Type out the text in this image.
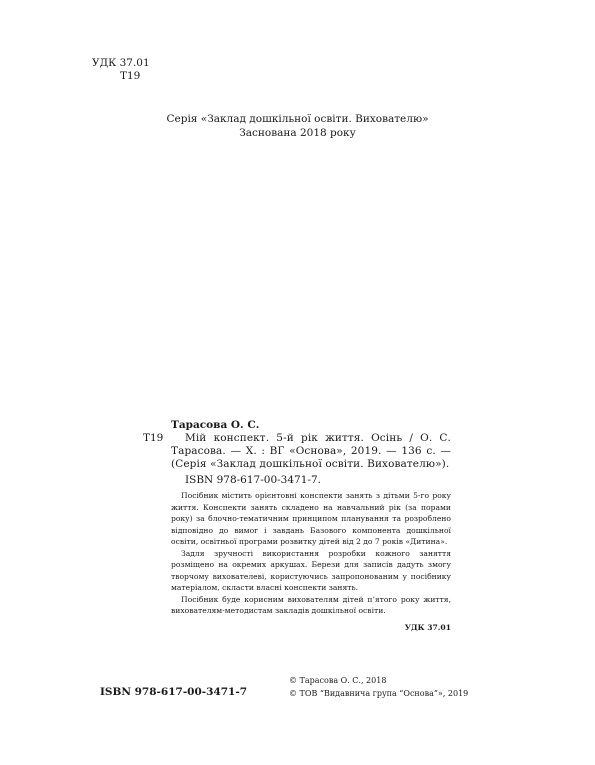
УДК 37.01
Т19
Серія «Заклад дошкільної освіти. Вихователю»
Заснована 2018 року
Т19
Тарасова О. С.
Мій конспект. 5-й рік життя. Осінь / О. С. Тарасова. — Х. : ВГ «Основа», 2019. — 136 с. — (Серія «Заклад дошкільної освіти. Вихователю»).
ISBN 978-617-00-3471-7.

Посібник містить орієнтовні конспекти занять з дітьми 5-го року життя. Конспекти занять складено на навчальний рік (за порами року) за блочно-тематичним принципом планування та розроблено відповідно до вимог і завдань Базового компонента дошкільної освіти, освітньої програми розвитку дітей від 2 до 7 років «Дитина».

Задля зручності використання розробки кожного заняття розміщено на окремих аркушах. Берези для записів дадуть змогу творчому вихователеві, користуючись запропонованим у посібнику матеріалом, скласти власні конспекти занять.

Посібник буде корисним вихователям дітей п’ятого року життя, вихователям-методистам закладів дошкільної освіти.

УДК 37.01
© Тарасова О. С., 2018
© ТОВ “Видавнича група “Основа”», 2019
ISBN 978-617-00-3471-7
